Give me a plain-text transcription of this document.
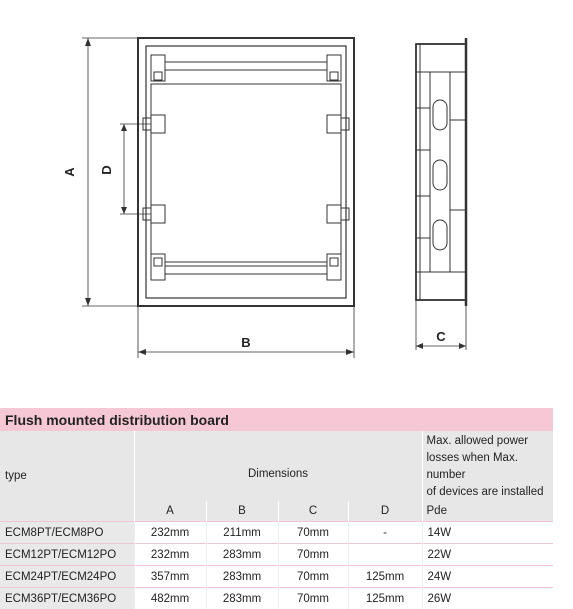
A D
B	C
Flush mounted distribution board					
type	Dimensions				Max. allowed power
losses when Max. number
of devices are installed

	A	B	C	D	Pde
ECM8PT/ECM8PO	232mm	211mm	70mm	-	14W
ECM12PT/ECM12PO	232mm	283mm	70mm		22W
ECM24PT/ECM24PO	357mm	283mm	70mm	125mm	24W
ECM36PT/ECM36PO	482mm	283mm	70mm	125mm	26W
